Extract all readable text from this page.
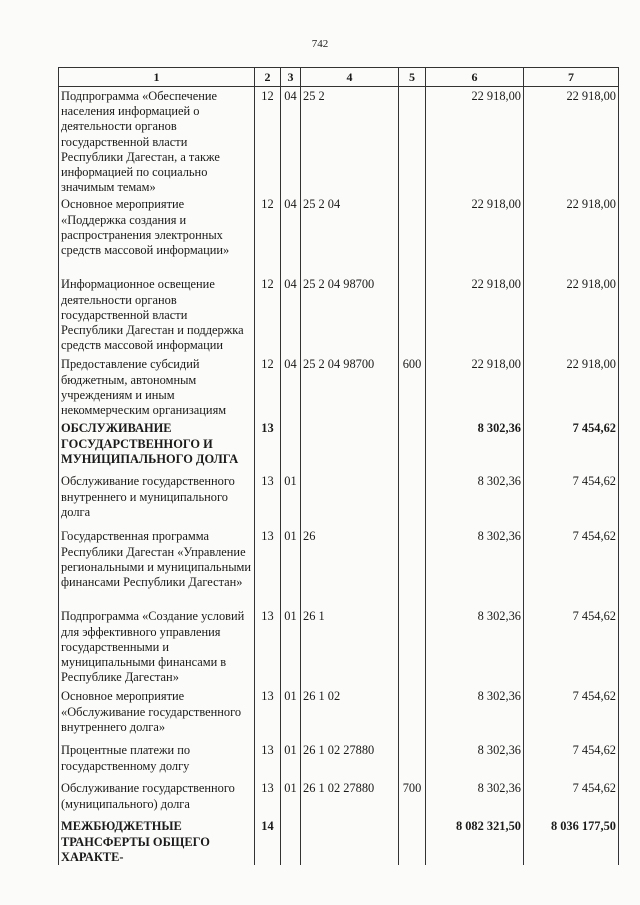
742
1	2	3	4	5	6	7
Подпрограмма «Обеспечение населения информацией о деятельности органов государственной власти Республики Дагестан, а также информацией по социально значимым темам»	12	04	25 2		22 918,00	22 918,00
Основное мероприятие «Поддержка создания и распространения электронных средств массовой информации»	12	04	25 2 04		22 918,00	22 918,00
Информационное освещение деятельности органов государственной власти Республики Дагестан и поддержка средств массовой информации	12	04	25 2 04 98700		22 918,00	22 918,00
Предоставление субсидий бюджетным, автономным учреждениям и иным некоммерческим организациям	12	04	25 2 04 98700	600	22 918,00	22 918,00
ОБСЛУЖИВАНИЕ ГОСУДАРСТВЕННОГО И МУНИЦИПАЛЬНОГО ДОЛГА	13				8 302,36	7 454,62
Обслуживание государственного внутреннего и муниципального долга	13	01			8 302,36	7 454,62
Государственная программа Республики Дагестан «Управление региональными и муниципальными финансами Республики Дагестан»	13	01	26		8 302,36	7 454,62
Подпрограмма «Создание условий для эффективного управления государственными и муниципальными финансами в Республике Дагестан»	13	01	26 1		8 302,36	7 454,62
Основное мероприятие «Обслуживание государственного внутреннего долга»	13	01	26 1 02		8 302,36	7 454,62
Процентные платежи по государственному долгу	13	01	26 1 02 27880		8 302,36	7 454,62
Обслуживание государственного (муниципального) долга	13	01	26 1 02 27880	700	8 302,36	7 454,62
МЕЖБЮДЖЕТНЫЕ ТРАНСФЕРТЫ ОБЩЕГО ХАРАКТЕ-	14				8 082 321,50	8 036 177,50
